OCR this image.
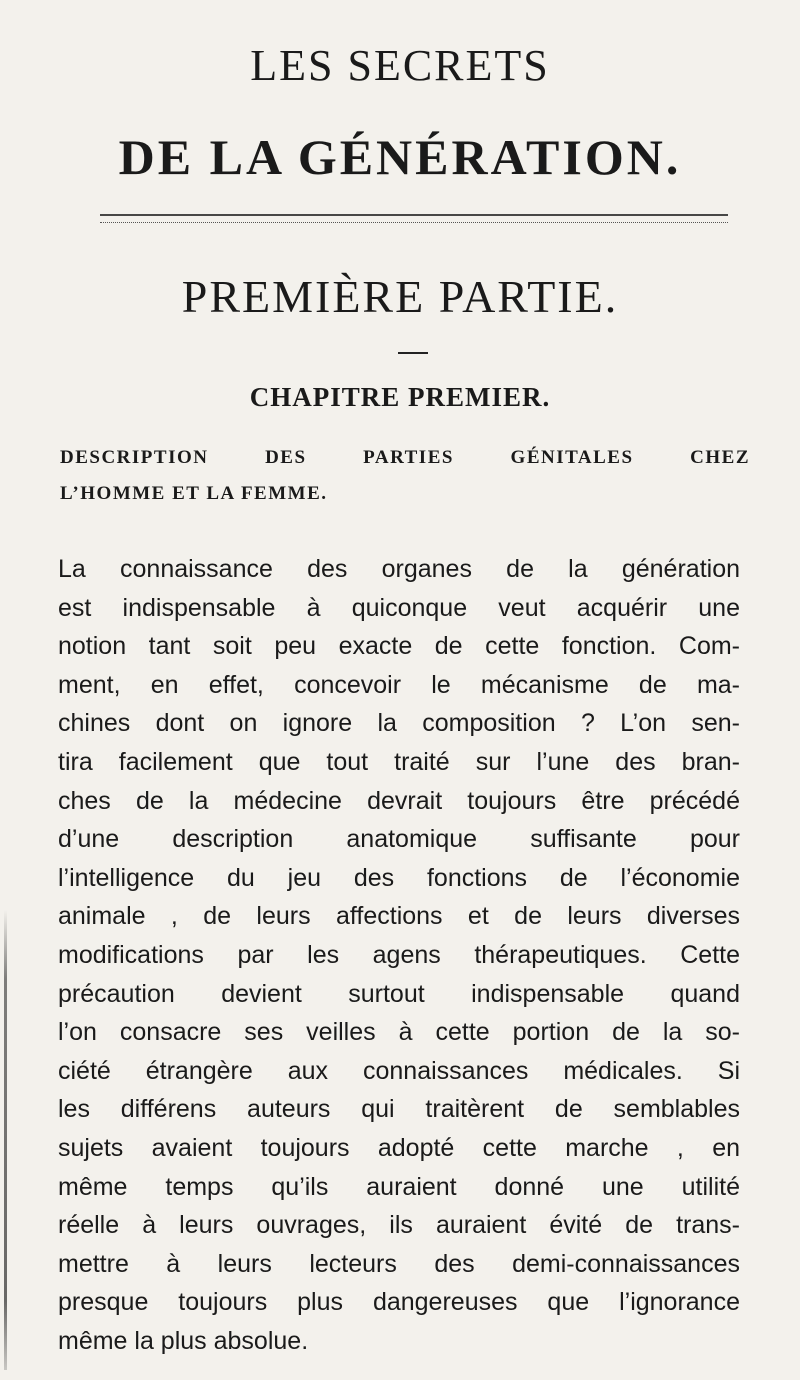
LES SECRETS
DE LA GÉNÉRATION.
PREMIÈRE PARTIE.
CHAPITRE PREMIER.
DESCRIPTION DES PARTIES GÉNITALES CHEZ
L’HOMME ET LA FEMME.

La connaissance des organes de la génération
est indispensable à quiconque veut acquérir une
notion tant soit peu exacte de cette fonction. Com-
ment, en effet, concevoir le mécanisme de ma-
chines dont on ignore la composition ? L’on sen-
tira facilement que tout traité sur l’une des bran-
ches de la médecine devrait toujours être précédé
d’une description anatomique suffisante pour
l’intelligence du jeu des fonctions de l’économie
animale , de leurs affections et de leurs diverses
modifications par les agens thérapeutiques. Cette
précaution devient surtout indispensable quand
l’on consacre ses veilles à cette portion de la so-
ciété étrangère aux connaissances médicales. Si
les différens auteurs qui traitèrent de semblables
sujets avaient toujours adopté cette marche , en
même temps qu’ils auraient donné une utilité
réelle à leurs ouvrages, ils auraient évité de trans-
mettre à leurs lecteurs des demi-connaissances
presque toujours plus dangereuses que l’ignorance
même la plus absolue.
